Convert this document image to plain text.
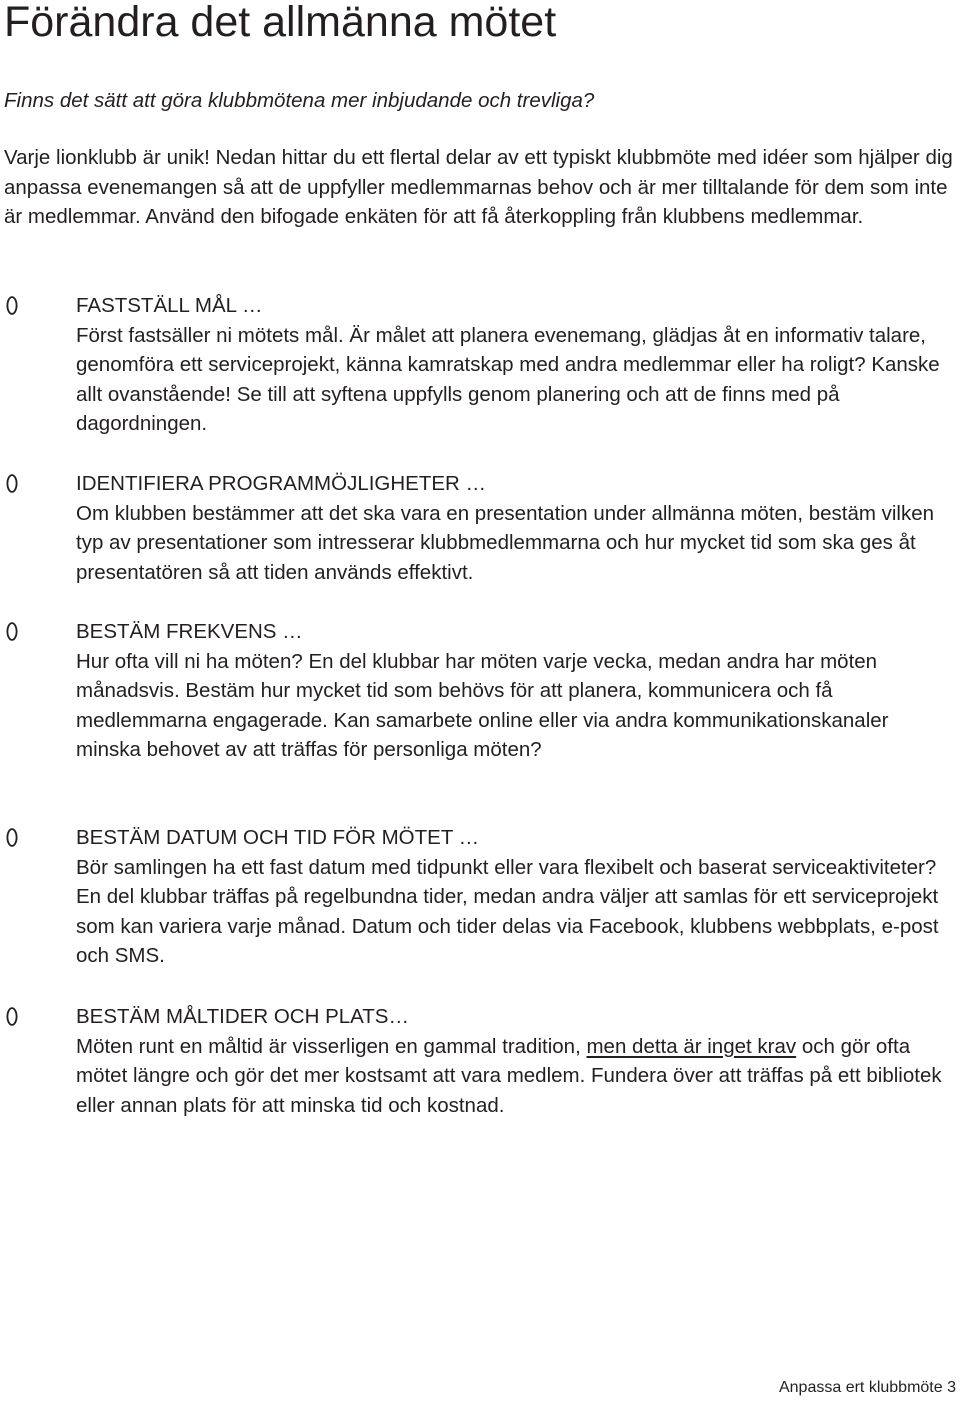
Förändra det allmänna mötet
Finns det sätt att göra klubbmötena mer inbjudande och trevliga?
Varje lionklubb är unik! Nedan hittar du ett flertal delar av ett typiskt klubbmöte med idéer som hjälper dig anpassa evenemangen så att de uppfyller medlemmarnas behov och är mer tilltalande för dem som inte är medlemmar. Använd den bifogade enkäten för att få återkoppling från klubbens medlemmar.
FASTSTÄLL MÅL …
Först fastsäller ni mötets mål. Är målet att planera evenemang, glädjas åt en informativ talare, genomföra ett serviceprojekt, känna kamratskap med andra medlemmar eller ha roligt? Kanske allt ovanstående! Se till att syftena uppfylls genom planering och att de finns med på dagordningen.
IDENTIFIERA PROGRAMMÖJLIGHETER …
Om klubben bestämmer att det ska vara en presentation under allmänna möten, bestäm vilken typ av presentationer som intresserar klubbmedlemmarna och hur mycket tid som ska ges åt presentatören så att tiden används effektivt.
BESTÄM FREKVENS …
Hur ofta vill ni ha möten? En del klubbar har möten varje vecka, medan andra har möten månadsvis. Bestäm hur mycket tid som behövs för att planera, kommunicera och få medlemmarna engagerade. Kan samarbete online eller via andra kommunikationskanaler minska behovet av att träffas för personliga möten?
BESTÄM DATUM OCH TID FÖR MÖTET …
Bör samlingen ha ett fast datum med tidpunkt eller vara flexibelt och baserat serviceaktiviteter? En del klubbar träffas på regelbundna tider, medan andra väljer att samlas för ett serviceprojekt som kan variera varje månad. Datum och tider delas via Facebook, klubbens webbplats, e-post och SMS.
BESTÄM MÅLTIDER OCH PLATS…
Möten runt en måltid är visserligen en gammal tradition, men detta är inget krav och gör ofta mötet längre och gör det mer kostsamt att vara medlem. Fundera över att träffas på ett bibliotek eller annan plats för att minska tid och kostnad.
Anpassa ert klubbmöte 3
